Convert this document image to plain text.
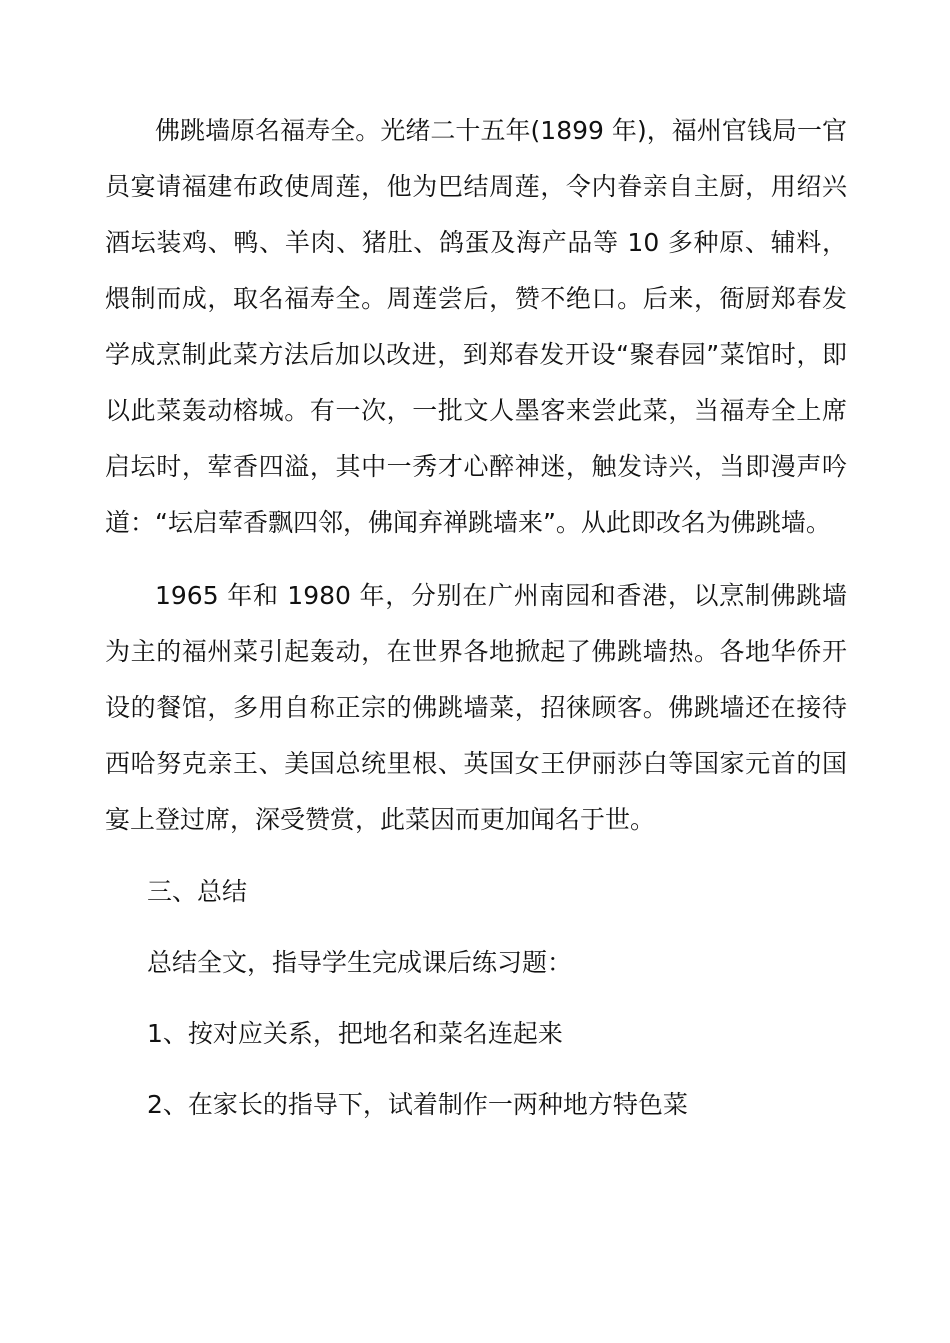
佛跳墙原名福寿全。光绪二十五年(1899 年)，福州官钱局一官员宴请福建布政使周莲，他为巴结周莲，令内眷亲自主厨，用绍兴酒坛装鸡、鸭、羊肉、猪肚、鸽蛋及海产品等 10 多种原、辅料，煨制而成，取名福寿全。周莲尝后，赞不绝口。后来，衙厨郑春发学成烹制此菜方法后加以改进，到郑春发开设“聚春园”菜馆时，即以此菜轰动榕城。有一次，一批文人墨客来尝此菜，当福寿全上席启坛时，荤香四溢，其中一秀才心醉神迷，触发诗兴，当即漫声吟道：“坛启荤香飘四邻，佛闻弃禅跳墙来”。从此即改名为佛跳墙。

1965 年和 1980 年，分别在广州南园和香港，以烹制佛跳墙为主的福州菜引起轰动，在世界各地掀起了佛跳墙热。各地华侨开设的餐馆，多用自称正宗的佛跳墙菜，招徕顾客。佛跳墙还在接待西哈努克亲王、美国总统里根、英国女王伊丽莎白等国家元首的国宴上登过席，深受赞赏，此菜因而更加闻名于世。

三、总结

总结全文，指导学生完成课后练习题：

1、按对应关系，把地名和菜名连起来

2、在家长的指导下，试着制作一两种地方特色菜
